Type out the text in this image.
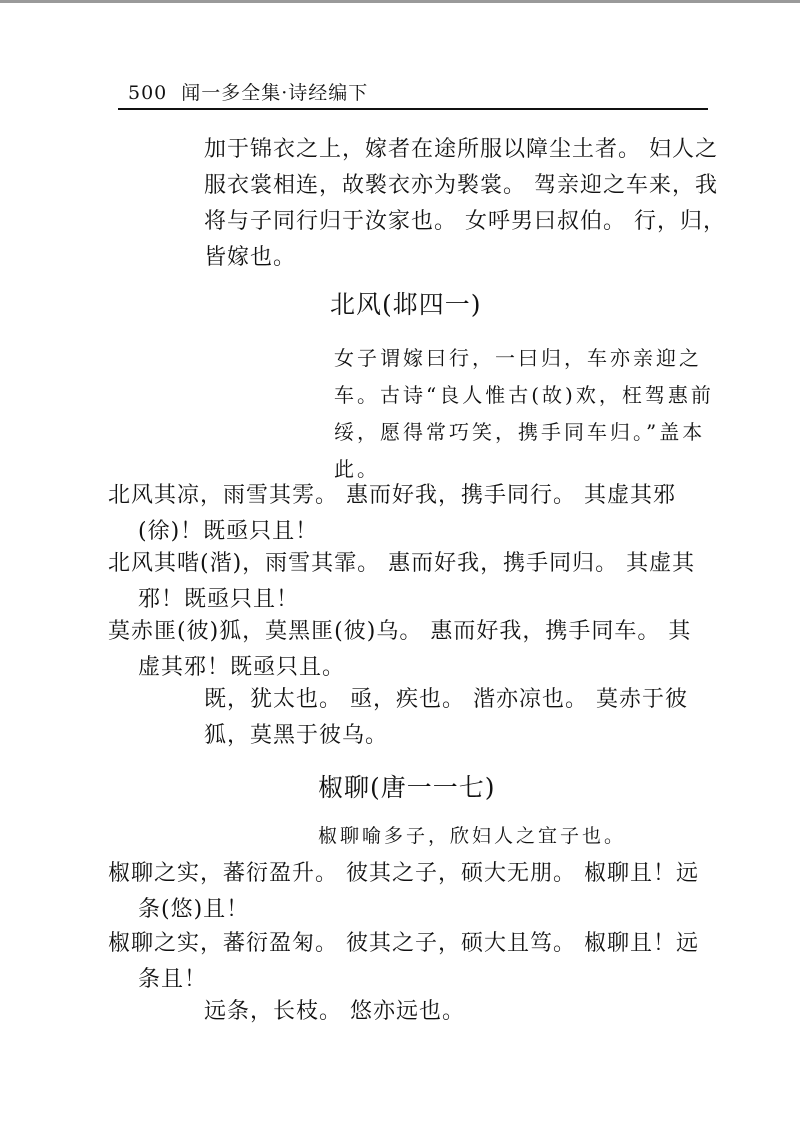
500 闻一多全集·诗经编下
加于锦衣之上，嫁者在途所服以障尘土者。 妇人之
服衣裳相连，故褧衣亦为褧裳。 驾亲迎之车来，我
将与子同行归于汝家也。 女呼男曰叔伯。 行，归，
皆嫁也。
北风(邶四一)
女子谓嫁曰行，一曰归，车亦亲迎之
车。古诗“良人惟古(故)欢，枉驾惠前
绥，愿得常巧笑，携手同车归。”盖本
此。
北风其凉，雨雪其雱。 惠而好我，携手同行。 其虚其邪
(徐)！既亟只且！
北风其喈(湝)，雨雪其霏。 惠而好我，携手同归。 其虚其
邪！既亟只且！
莫赤匪(彼)狐，莫黑匪(彼)乌。 惠而好我，携手同车。 其
虚其邪！既亟只且。
既，犹太也。 亟，疾也。 湝亦凉也。 莫赤于彼
狐，莫黑于彼乌。
椒聊(唐一一七)
椒聊喻多子，欣妇人之宜子也。
椒聊之实，蕃衍盈升。 彼其之子，硕大无朋。 椒聊且！远
条(悠)且！
椒聊之实，蕃衍盈匊。 彼其之子，硕大且笃。 椒聊且！远
条且！
远条，长枝。 悠亦远也。
